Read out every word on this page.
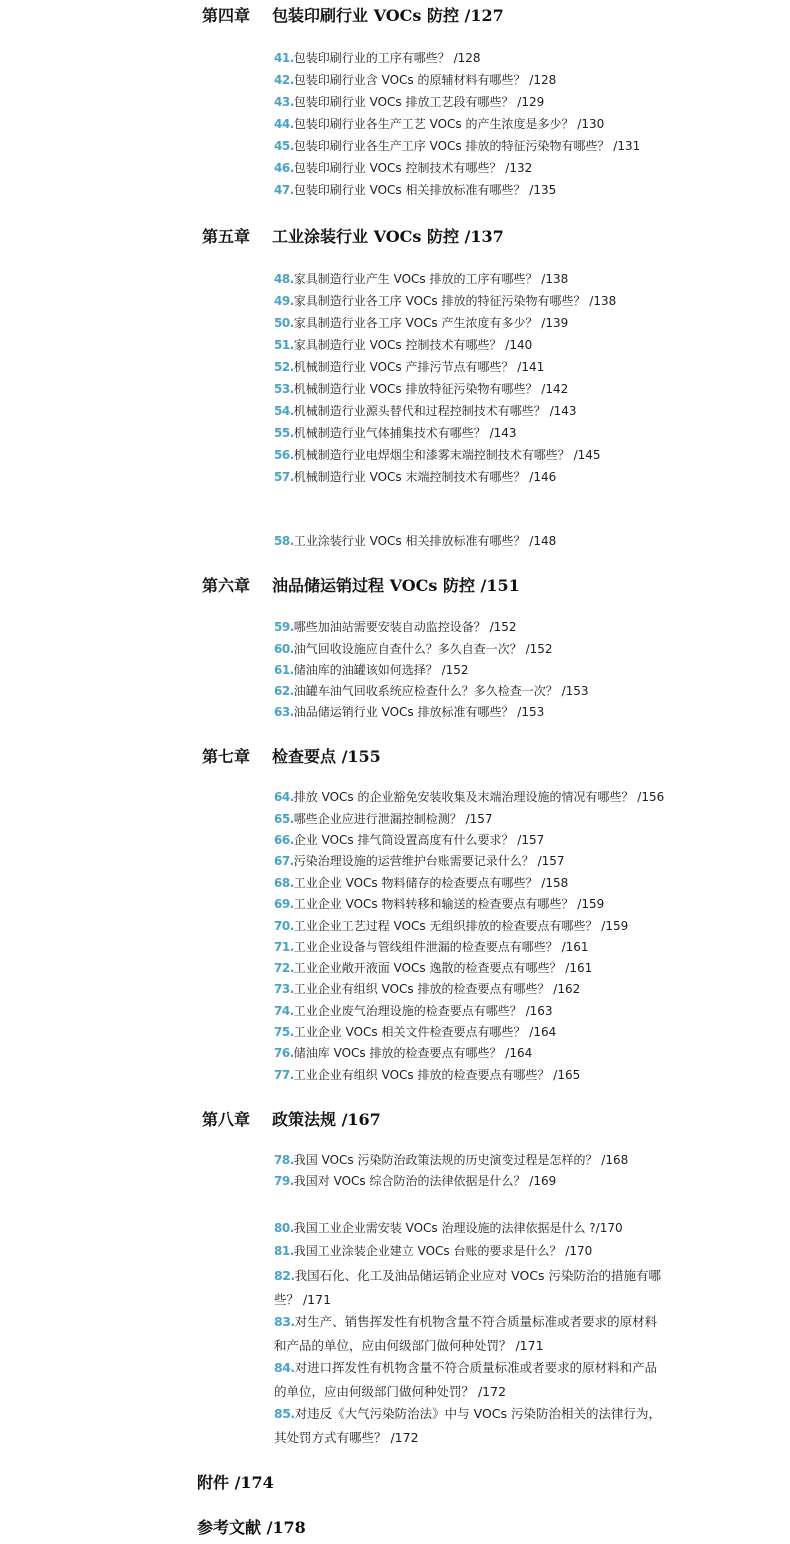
第四章 包装印刷行业 VOCs 防控 /127
41.包装印刷行业的工序有哪些？ /128
42.包装印刷行业含 VOCs 的原辅材料有哪些？ /128
43.包装印刷行业 VOCs 排放工艺段有哪些？ /129
44.包装印刷行业各生产工艺 VOCs 的产生浓度是多少？ /130
45.包装印刷行业各生产工序 VOCs 排放的特征污染物有哪些？ /131
46.包装印刷行业 VOCs 控制技术有哪些？ /132
47.包装印刷行业 VOCs 相关排放标准有哪些？ /135
第五章 工业涂装行业 VOCs 防控 /137
48.家具制造行业产生 VOCs 排放的工序有哪些？ /138
49.家具制造行业各工序 VOCs 排放的特征污染物有哪些？ /138
50.家具制造行业各工序 VOCs 产生浓度有多少？ /139
51.家具制造行业 VOCs 控制技术有哪些？ /140
52.机械制造行业 VOCs 产排污节点有哪些？ /141
53.机械制造行业 VOCs 排放特征污染物有哪些？ /142
54.机械制造行业源头替代和过程控制技术有哪些？ /143
55.机械制造行业气体捕集技术有哪些？ /143
56.机械制造行业电焊烟尘和漆雾末端控制技术有哪些？ /145
57.机械制造行业 VOCs 末端控制技术有哪些？ /146
58.工业涂装行业 VOCs 相关排放标准有哪些？ /148
第六章 油品储运销过程 VOCs 防控 /151
59.哪些加油站需要安装自动监控设备？ /152
60.油气回收设施应自查什么？多久自查一次？ /152
61.储油库的油罐该如何选择？ /152
62.油罐车油气回收系统应检查什么？多久检查一次？ /153
63.油品储运销行业 VOCs 排放标准有哪些？ /153
第七章 检查要点 /155
64.排放 VOCs 的企业豁免安装收集及末端治理设施的情况有哪些？ /156
65.哪些企业应进行泄漏控制检测？ /157
66.企业 VOCs 排气筒设置高度有什么要求？ /157
67.污染治理设施的运营维护台账需要记录什么？ /157
68.工业企业 VOCs 物料储存的检查要点有哪些？ /158
69.工业企业 VOCs 物料转移和输送的检查要点有哪些？ /159
70.工业企业工艺过程 VOCs 无组织排放的检查要点有哪些？ /159
71.工业企业设备与管线组件泄漏的检查要点有哪些？ /161
72.工业企业敞开液面 VOCs 逸散的检查要点有哪些？ /161
73.工业企业有组织 VOCs 排放的检查要点有哪些？ /162
74.工业企业废气治理设施的检查要点有哪些？ /163
75.工业企业 VOCs 相关文件检查要点有哪些？ /164
76.储油库 VOCs 排放的检查要点有哪些？ /164
77.工业企业有组织 VOCs 排放的检查要点有哪些？ /165
第八章 政策法规 /167
78.我国 VOCs 污染防治政策法规的历史演变过程是怎样的？ /168
79.我国对 VOCs 综合防治的法律依据是什么？ /169
80.我国工业企业需安装 VOCs 治理设施的法律依据是什么 ?/170
81.我国工业涂装企业建立 VOCs 台账的要求是什么？ /170
82.我国石化、化工及油品储运销企业应对 VOCs 污染防治的措施有哪些？ /171
83.对生产、销售挥发性有机物含量不符合质量标准或者要求的原材料和产品的单位，应由何级部门做何种处罚？ /171
84.对进口挥发性有机物含量不符合质量标准或者要求的原材料和产品的单位，应由何级部门做何种处罚？ /172
85.对违反《大气污染防治法》中与 VOCs 污染防治相关的法律行为，其处罚方式有哪些？ /172
附件 /174
参考文献 /178
